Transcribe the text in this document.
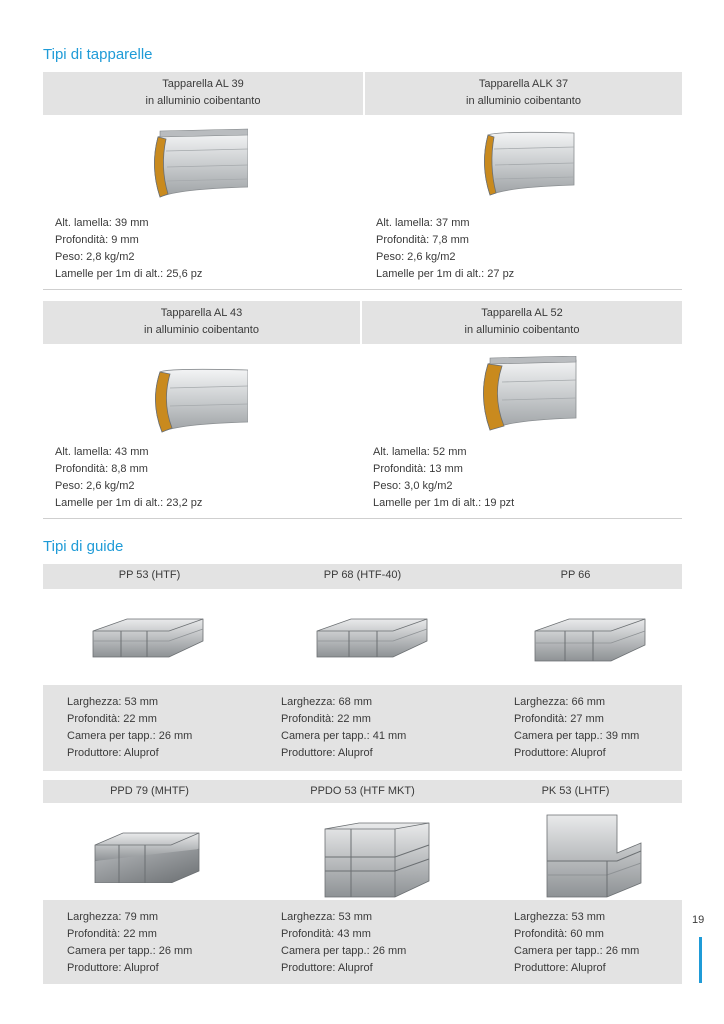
Tipi di tapparelle
Tapparella AL 39
in alluminio coibentanto
Tapparella ALK 37
in alluminio coibentanto
Alt. lamella: 39 mm
Profondità: 9 mm
Peso: 2,8 kg/m2
Lamelle per 1m di alt.: 25,6 pz
Alt. lamella: 37 mm
Profondità: 7,8 mm
Peso: 2,6 kg/m2
Lamelle per 1m di alt.: 27 pz
Tapparella AL 43
in alluminio coibentanto
Tapparella AL 52
in alluminio coibentanto
Alt. lamella: 43 mm
Profondità: 8,8 mm
Peso: 2,6 kg/m2
Lamelle per 1m di alt.: 23,2 pz
Alt. lamella: 52 mm
Profondità: 13 mm
Peso: 3,0 kg/m2
Lamelle per 1m di alt.: 19 pzt
Tipi di guide
PP 53 (HTF)	PP 68 (HTF-40)	PP 66
Larghezza: 53 mm
Profondità: 22 mm
Camera per tapp.: 26 mm
Produttore: Aluprof
Larghezza: 68 mm
Profondità: 22 mm
Camera per tapp.: 41 mm
Produttore: Aluprof
Larghezza: 66 mm
Profondità: 27 mm
Camera per tapp.: 39 mm
Produttore: Aluprof
PPD 79 (MHTF)	PPDO 53 (HTF MKT)	PK 53 (LHTF)
Larghezza: 79 mm
Profondità: 22 mm
Camera per tapp.: 26 mm
Produttore: Aluprof
Larghezza: 53 mm
Profondità: 43 mm
Camera per tapp.: 26 mm
Produttore: Aluprof
Larghezza: 53 mm
Profondità: 60 mm
Camera per tapp.: 26 mm
Produttore: Aluprof
19
